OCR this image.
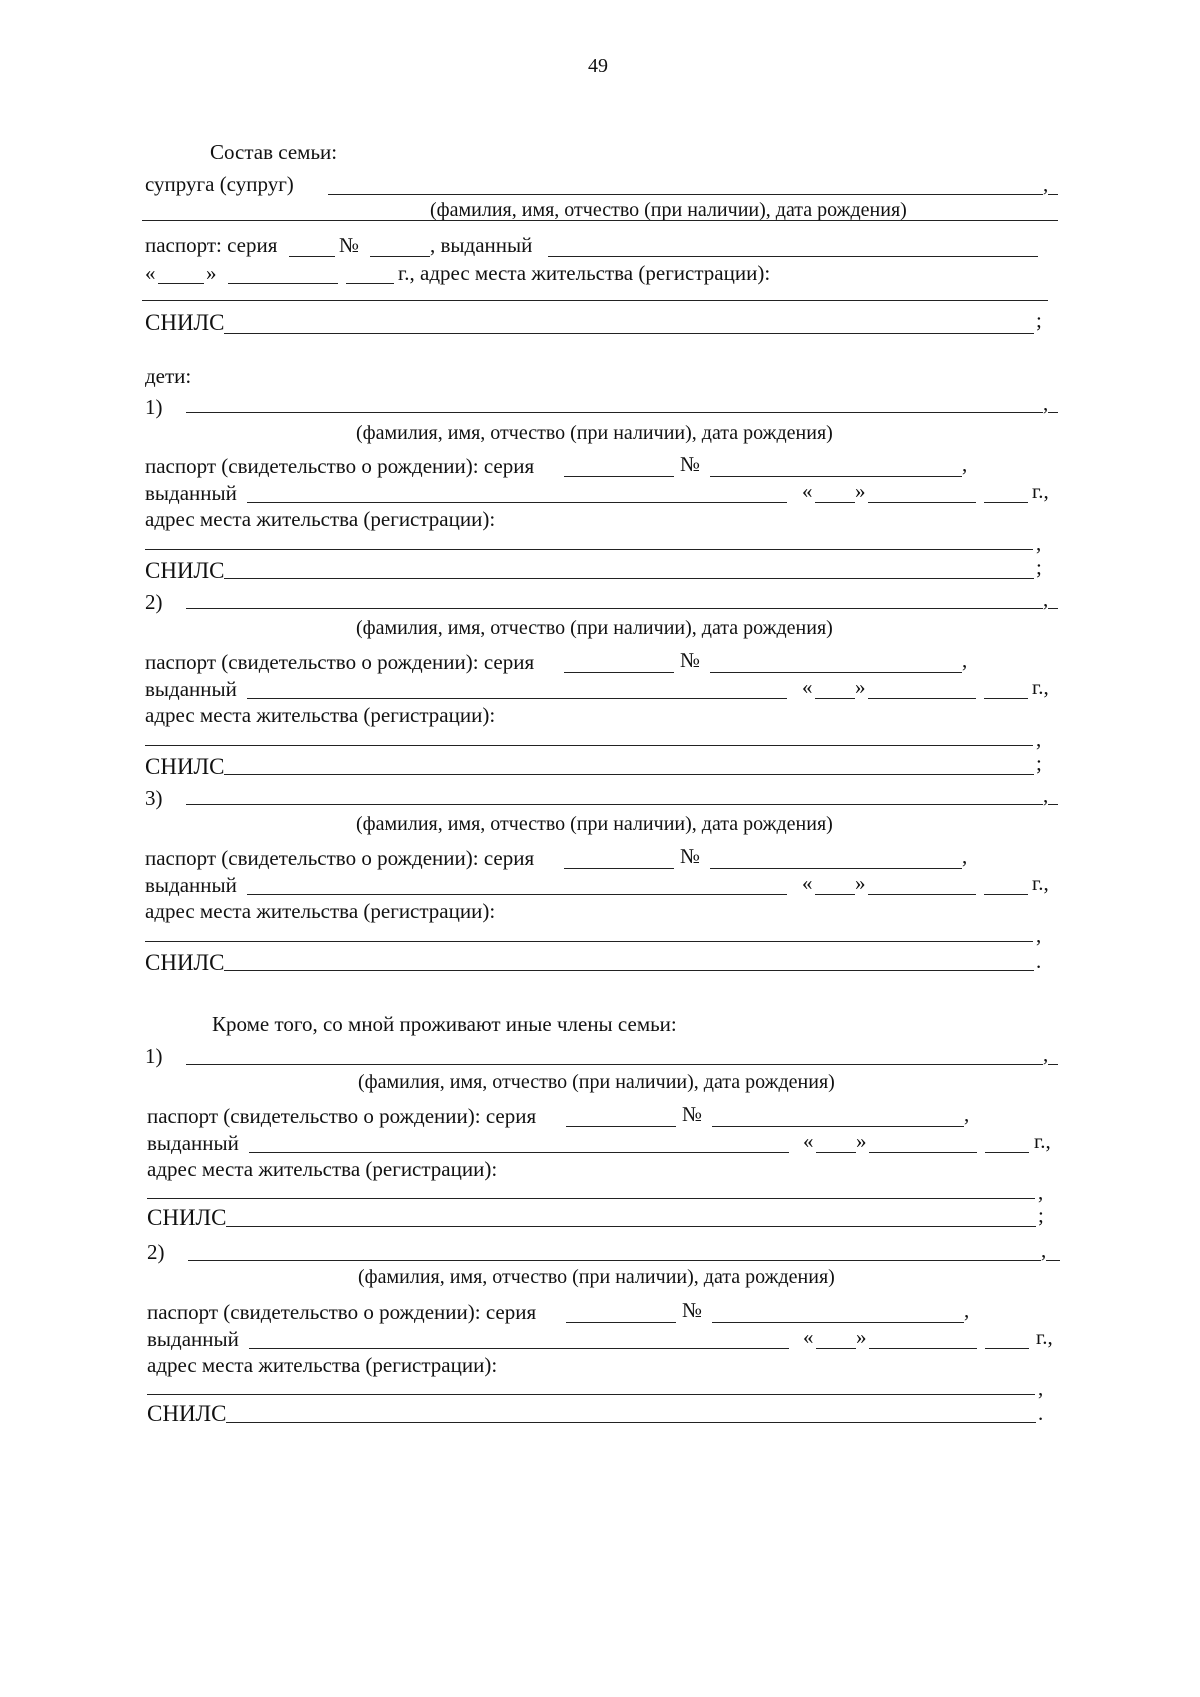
49
Состав семьи:
супруга (супруг)	,
(фамилия, имя, отчество (при наличии), дата рождения)
паспорт: серия	№	, выданный
« »	г., адрес места жительства (регистрации):
СНИЛС	;
дети:
1)	,
(фамилия, имя, отчество (при наличии), дата рождения)
паспорт (свидетельство о рождении): серия	№	,
выданный	« »	г.,
адрес места жительства (регистрации):
,
СНИЛС	;
2)	,
(фамилия, имя, отчество (при наличии), дата рождения)
паспорт (свидетельство о рождении): серия	№	,
выданный	« »	г.,
адрес места жительства (регистрации):
,
СНИЛС	;
3)	,
(фамилия, имя, отчество (при наличии), дата рождения)
паспорт (свидетельство о рождении): серия	№	,
выданный	« »	г.,
адрес места жительства (регистрации):
,
СНИЛС	.
Кроме того, со мной проживают иные члены семьи:
1)	,
(фамилия, имя, отчество (при наличии), дата рождения)
паспорт (свидетельство о рождении): серия	№	,
выданный	« »	г.,
адрес места жительства (регистрации):
,
СНИЛС	;
2)	,
(фамилия, имя, отчество (при наличии), дата рождения)
паспорт (свидетельство о рождении): серия	№	,
выданный	« »	г.,
адрес места жительства (регистрации):
,
СНИЛС	.
